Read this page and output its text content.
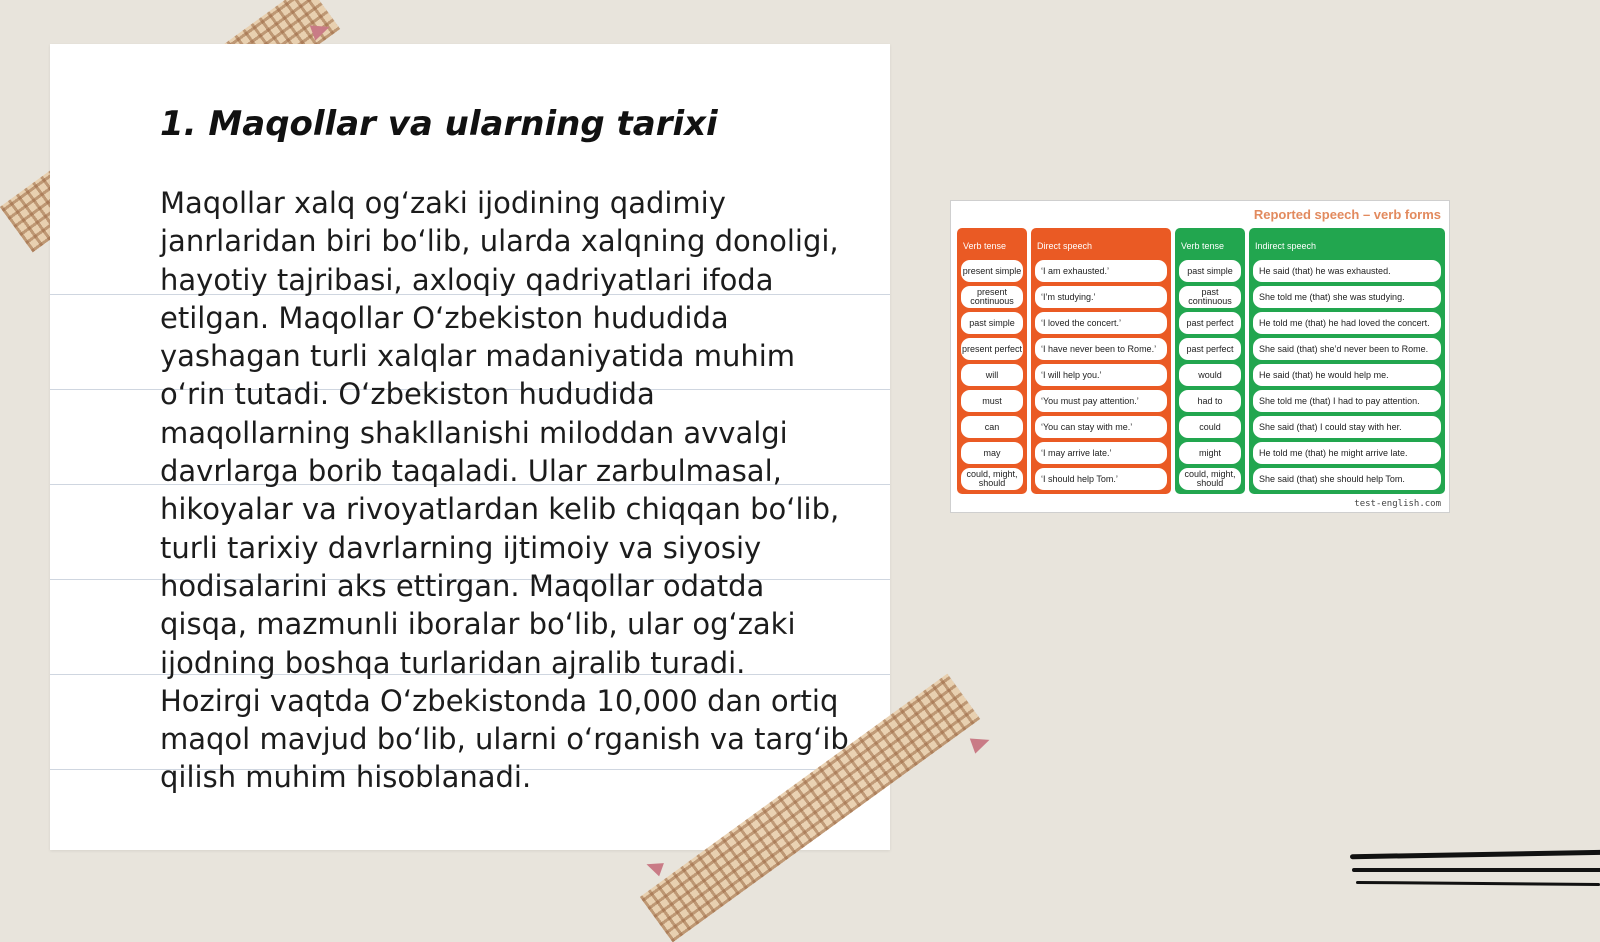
1. Maqollar va ularning tarixi

Maqollar xalq og‘zaki ijodining qadimiy janrlaridan biri bo‘lib, ularda xalqning donoligi, hayotiy tajribasi, axloqiy qadriyatlari ifoda etilgan. Maqollar O‘zbekiston hududida yashagan turli xalqlar madaniyatida muhim o‘rin tutadi. O‘zbekiston hududida maqollarning shakllanishi miloddan avvalgi davrlarga borib taqaladi. Ular zarbulmasal, hikoyalar va rivoyatlardan kelib chiqqan bo‘lib, turli tarixiy davrlarning ijtimoiy va siyosiy hodisalarini aks ettirgan. Maqollar odatda qisqa, mazmunli iboralar bo‘lib, ular og‘zaki ijodning boshqa turlaridan ajralib turadi. Hozirgi vaqtda O‘zbekistonda 10,000 dan ortiq maqol mavjud bo‘lib, ularni o‘rganish va targ‘ib qilish muhim hisoblanadi.

Reported speech – verb forms
Verb tense
present simple
present continuous
past simple
present perfect
will
must
can
may
could, might, should
Direct speech
‘I am exhausted.’
‘I’m studying.’
‘I loved the concert.’
‘I have never been to Rome.’
‘I will help you.’
‘You must pay attention.’
‘You can stay with me.’
‘I may arrive late.’
‘I should help Tom.’
Verb tense
past simple
past continuous
past perfect
past perfect
would
had to
could
might
could, might, should
Indirect speech
He said (that) he was exhausted.
She told me (that) she was studying.
He told me (that) he had loved the concert.
She said (that) she’d never been to Rome.
He said (that) he would help me.
She told me (that) I had to pay attention.
She said (that) I could stay with her.
He told me (that) he might arrive late.
She said (that) she should help Tom.
test-english.com
